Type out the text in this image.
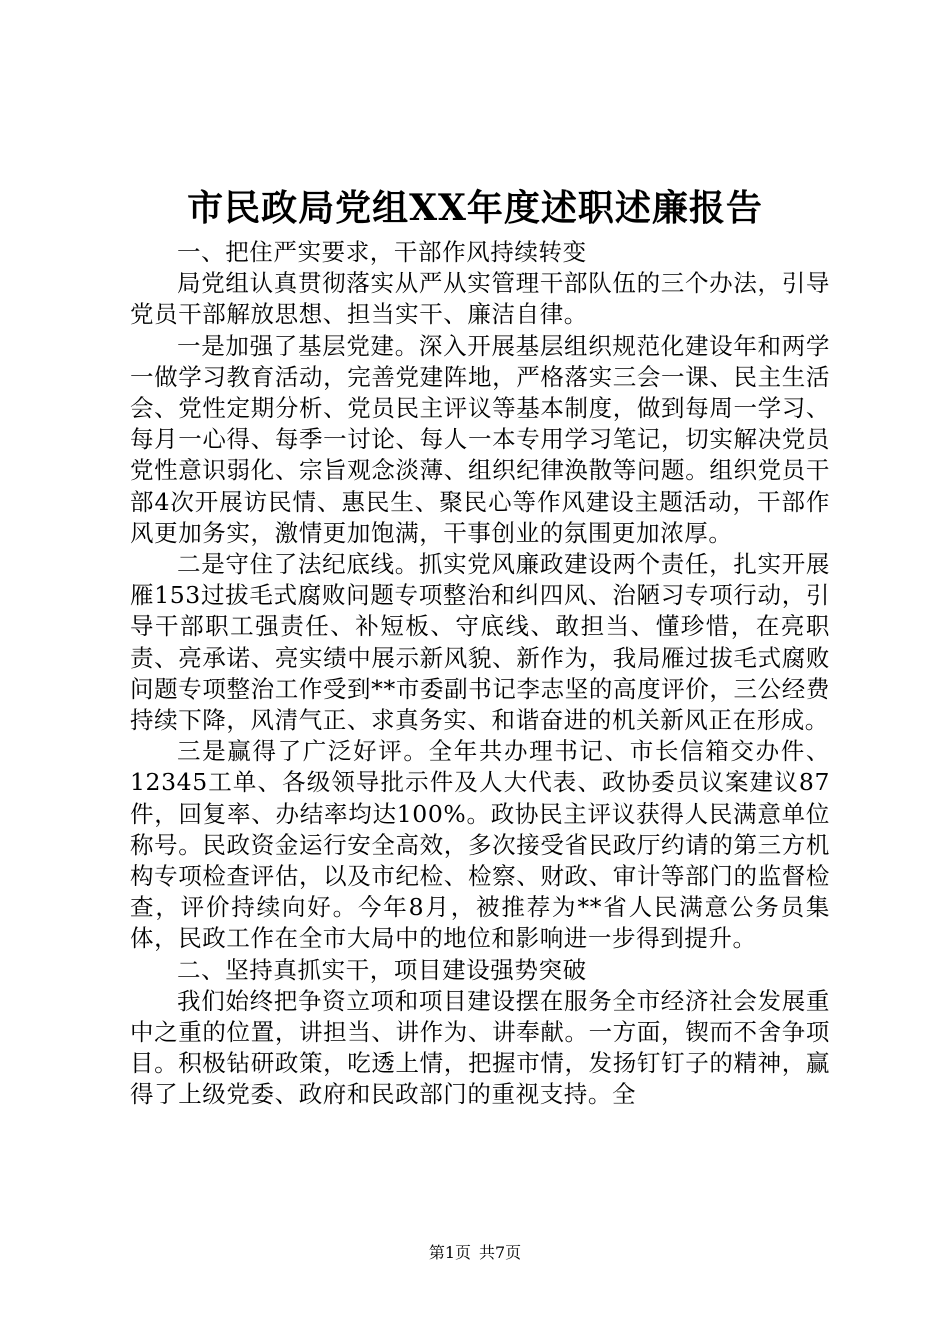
市民政局党组XX年度述职述廉报告

一、把住严实要求，干部作风持续转变

局党组认真贯彻落实从严从实管理干部队伍的三个办法，引导党员干部解放思想、担当实干、廉洁自律。

一是加强了基层党建。深入开展基层组织规范化建设年和两学一做学习教育活动，完善党建阵地，严格落实三会一课、民主生活会、党性定期分析、党员民主评议等基本制度，做到每周一学习、每月一心得、每季一讨论、每人一本专用学习笔记，切实解决党员党性意识弱化、宗旨观念淡薄、组织纪律涣散等问题。组织党员干部4次开展访民情、惠民生、聚民心等作风建设主题活动，干部作风更加务实，激情更加饱满，干事创业的氛围更加浓厚。

二是守住了法纪底线。抓实党风廉政建设两个责任，扎实开展雁153过拔毛式腐败问题专项整治和纠四风、治陋习专项行动，引导干部职工强责任、补短板、守底线、敢担当、懂珍惜，在亮职责、亮承诺、亮实绩中展示新风貌、新作为，我局雁过拔毛式腐败问题专项整治工作受到**市委副书记李志坚的高度评价，三公经费持续下降，风清气正、求真务实、和谐奋进的机关新风正在形成。

三是赢得了广泛好评。全年共办理书记、市长信箱交办件、12345工单、各级领导批示件及人大代表、政协委员议案建议87件，回复率、办结率均达100%。政协民主评议获得人民满意单位称号。民政资金运行安全高效，多次接受省民政厅约请的第三方机构专项检查评估，以及市纪检、检察、财政、审计等部门的监督检查，评价持续向好。今年8月，被推荐为**省人民满意公务员集体，民政工作在全市大局中的地位和影响进一步得到提升。

二、坚持真抓实干，项目建设强势突破

我们始终把争资立项和项目建设摆在服务全市经济社会发展重中之重的位置，讲担当、讲作为、讲奉献。一方面，锲而不舍争项目。积极钻研政策，吃透上情，把握市情，发扬钉钉子的精神，赢得了上级党委、政府和民政部门的重视支持。全

第1页 共7页
